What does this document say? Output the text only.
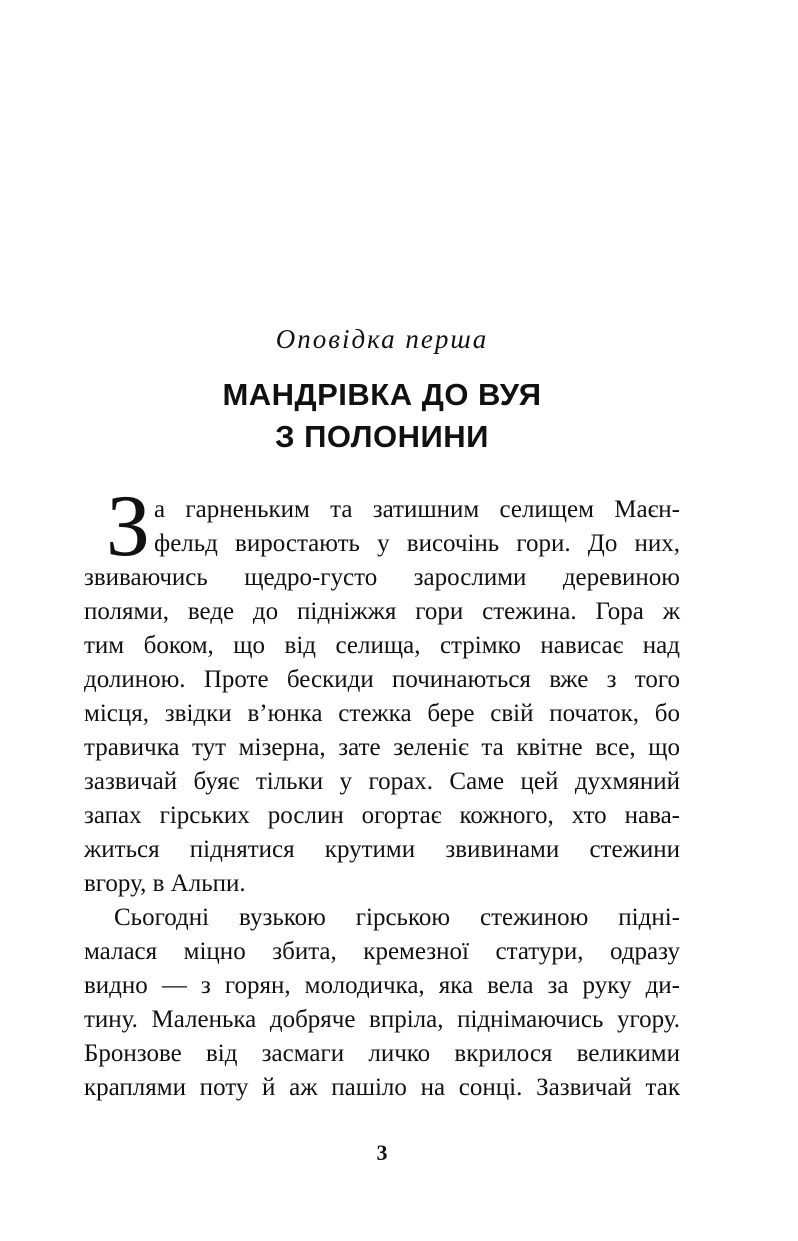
Оповідка перша
МАНДРІВКА ДО ВУЯ
З ПОЛОНИНИ
З а гарненьким та затишним селищем Маєн-
фельд виростають у височінь гори. До них,
звиваючись щедро-густо зарослими деревиною
полями, веде до підніжжя гори стежина. Гора ж
тим боком, що від селища, стрімко нависає над
долиною. Проте бескиди починаються вже з того
місця, звідки в’юнка стежка бере свій початок, бо
травичка тут мізерна, зате зеленіє та квітне все, що
зазвичай буяє тільки у горах. Саме цей духмяний
запах гірських рослин огортає кожного, хто нава-
житься піднятися крутими звивинами стежини
вгору, в Альпи.
Сьогодні вузькою гірською стежиною підні-
малася міцно збита, кремезної статури, одразу
видно — з горян, молодичка, яка вела за руку ди-
тину. Маленька добряче впріла, піднімаючись угору.
Бронзове від засмаги личко вкрилося великими
краплями поту й аж пашіло на сонці. Зазвичай так
3
